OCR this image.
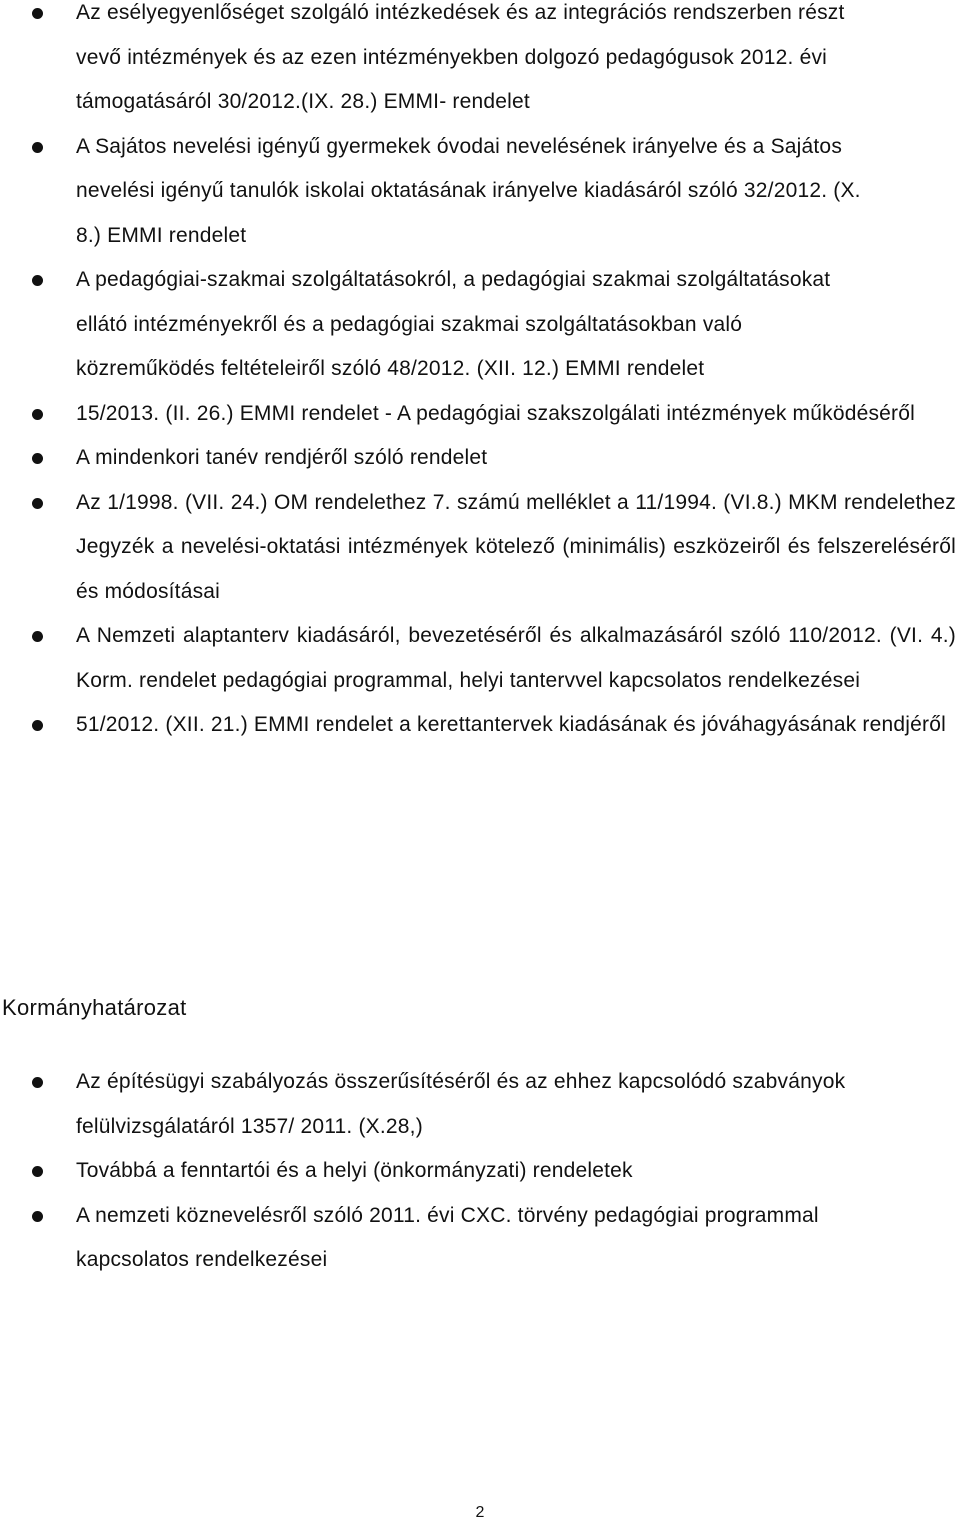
Az esélyegyenlőséget szolgáló intézkedések és az integrációs rendszerben részt vevő intézmények és az ezen intézményekben dolgozó pedagógusok 2012. évi támogatásáról 30/2012.(IX. 28.) EMMI- rendelet
A Sajátos nevelési igényű gyermekek óvodai nevelésének irányelve és a Sajátos nevelési igényű tanulók iskolai oktatásának irányelve kiadásáról szóló 32/2012. (X. 8.) EMMI rendelet
A pedagógiai-szakmai szolgáltatásokról, a pedagógiai szakmai szolgáltatásokat ellátó intézményekről és a pedagógiai szakmai szolgáltatásokban való közreműködés feltételeiről szóló 48/2012. (XII. 12.) EMMI rendelet
15/2013. (II. 26.) EMMI rendelet - A pedagógiai szakszolgálati intézmények működéséről
A mindenkori tanév rendjéről szóló rendelet
Az 1/1998. (VII. 24.) OM rendelethez 7. számú melléklet a 11/1994. (VI.8.) MKM rendelethez Jegyzék a nevelési-oktatási intézmények kötelező (minimális) eszközeiről és felszereléséről és módosításai
A Nemzeti alaptanterv kiadásáról, bevezetéséről és alkalmazásáról szóló 110/2012. (VI. 4.) Korm. rendelet pedagógiai programmal, helyi tantervvel kapcsolatos rendelkezései
51/2012. (XII. 21.) EMMI rendelet a kerettantervek kiadásának és jóváhagyásának rendjéről
Kormányhatározat
Az építésügyi szabályozás összerűsítéséről és az ehhez kapcsolódó szabványok felülvizsgálatáról 1357/ 2011. (X.28,)
Továbbá a fenntartói és a helyi (önkormányzati) rendeletek
A nemzeti köznevelésről szóló 2011. évi CXC. törvény pedagógiai programmal kapcsolatos rendelkezései
2
